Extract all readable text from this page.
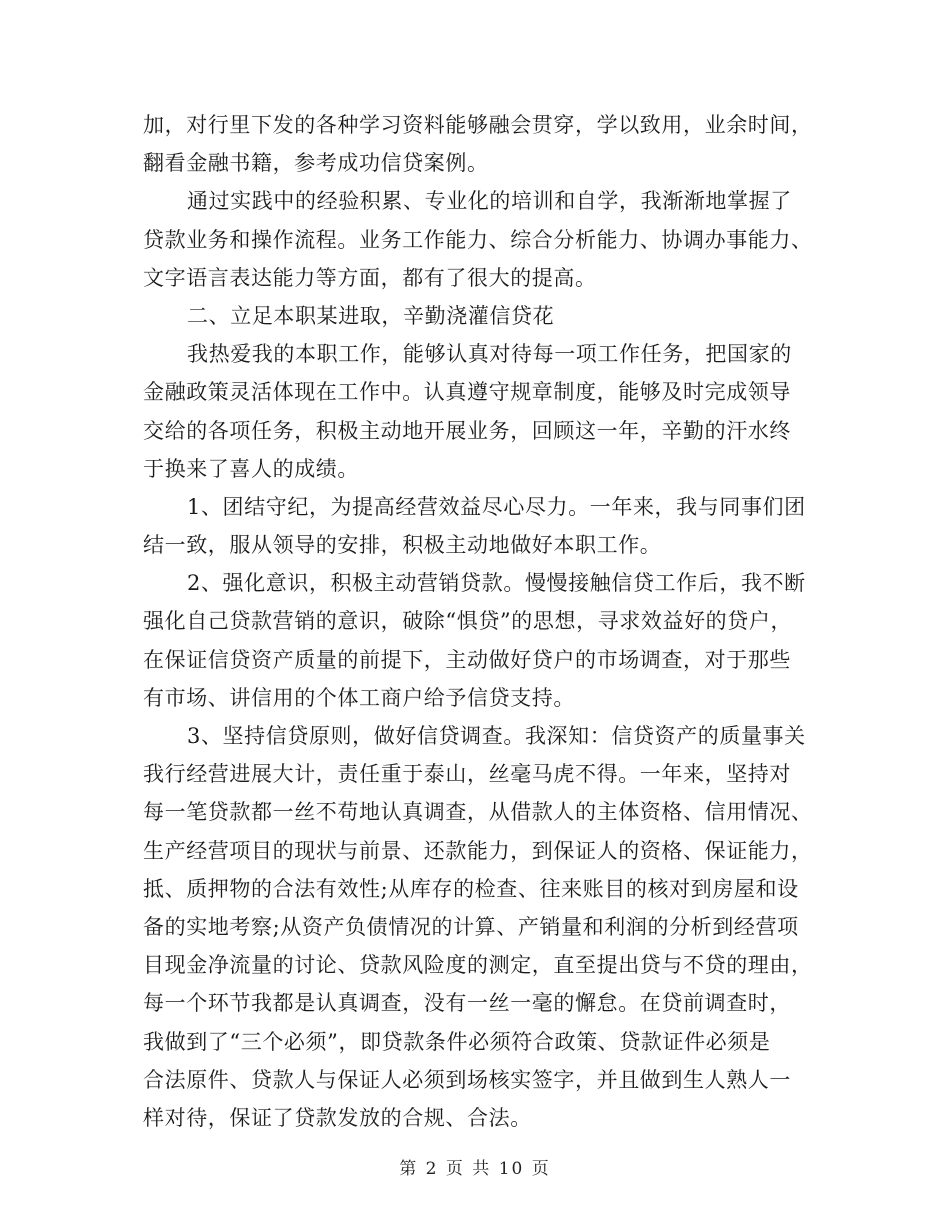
加，对行里下发的各种学习资料能够融会贯穿，学以致用，业余时间，
翻看金融书籍，参考成功信贷案例。
通过实践中的经验积累、专业化的培训和自学，我渐渐地掌握了
贷款业务和操作流程。业务工作能力、综合分析能力、协调办事能力、
文字语言表达能力等方面，都有了很大的提高。
二、立足本职某进取，辛勤浇灌信贷花
我热爱我的本职工作，能够认真对待每一项工作任务，把国家的
金融政策灵活体现在工作中。认真遵守规章制度，能够及时完成领导
交给的各项任务，积极主动地开展业务，回顾这一年，辛勤的汗水终
于换来了喜人的成绩。
1、团结守纪，为提高经营效益尽心尽力。一年来，我与同事们团
结一致，服从领导的安排，积极主动地做好本职工作。
2、强化意识，积极主动营销贷款。慢慢接触信贷工作后，我不断
强化自己贷款营销的意识，破除“惧贷”的思想，寻求效益好的贷户，
在保证信贷资产质量的前提下，主动做好贷户的市场调查，对于那些
有市场、讲信用的个体工商户给予信贷支持。
3、坚持信贷原则，做好信贷调查。我深知：信贷资产的质量事关
我行经营进展大计，责任重于泰山，丝毫马虎不得。一年来，坚持对
每一笔贷款都一丝不苟地认真调查，从借款人的主体资格、信用情况、
生产经营项目的现状与前景、还款能力，到保证人的资格、保证能力，
抵、质押物的合法有效性;从库存的检查、往来账目的核对到房屋和设
备的实地考察;从资产负债情况的计算、产销量和利润的分析到经营项
目现金净流量的讨论、贷款风险度的测定，直至提出贷与不贷的理由，
每一个环节我都是认真调查，没有一丝一毫的懈怠。在贷前调查时，
我做到了“三个必须”，即贷款条件必须符合政策、贷款证件必须是
合法原件、贷款人与保证人必须到场核实签字，并且做到生人熟人一
样对待，保证了贷款发放的合规、合法。
第 2 页 共 10 页
